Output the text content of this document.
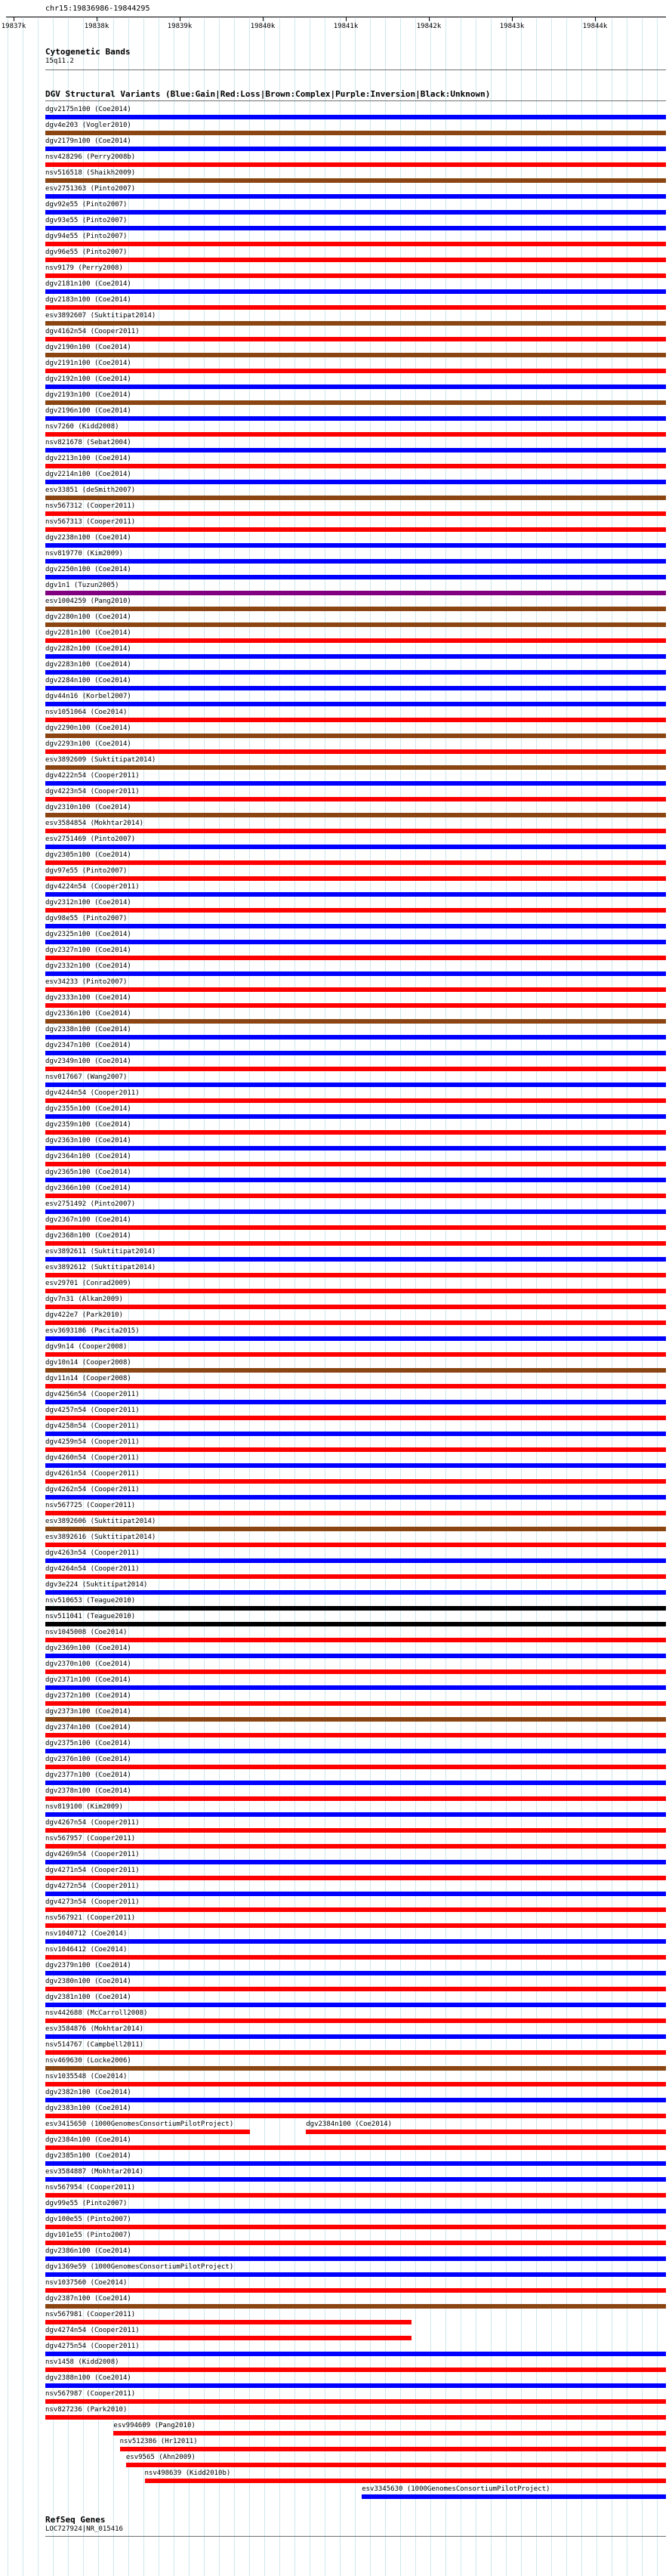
chr15:19836986-19844295
19837k	19838k	19839k	19840k	19841k	19842k	19843k	19844k
Cytogenetic Bands
15q11.2
DGV Structural Variants (Blue:Gain|Red:Loss|Brown:Complex|Purple:Inversion|Black:Unknown)
dgv2175n100 (Coe2014)
dgv4e203 (Vogler2010)
dgv2179n100 (Coe2014)
nsv428296 (Perry2008b)
nsv516518 (Shaikh2009)
esv2751363 (Pinto2007)
dgv92e55 (Pinto2007)
dgv93e55 (Pinto2007)
dgv94e55 (Pinto2007)
dgv96e55 (Pinto2007)
nsv9179 (Perry2008)
dgv2181n100 (Coe2014)
dgv2183n100 (Coe2014)
esv3892607 (Suktitipat2014)
dgv4162n54 (Cooper2011)
dgv2190n100 (Coe2014)
dgv2191n100 (Coe2014)
dgv2192n100 (Coe2014)
dgv2193n100 (Coe2014)
dgv2196n100 (Coe2014)
nsv7260 (Kidd2008)
nsv821678 (Sebat2004)
dgv2213n100 (Coe2014)
dgv2214n100 (Coe2014)
esv33851 (deSmith2007)
nsv567312 (Cooper2011)
nsv567313 (Cooper2011)
dgv2238n100 (Coe2014)
nsv819770 (Kim2009)
dgv2250n100 (Coe2014)
dgv1n1 (Tuzun2005)
esv1004259 (Pang2010)
dgv2280n100 (Coe2014)
dgv2281n100 (Coe2014)
dgv2282n100 (Coe2014)
dgv2283n100 (Coe2014)
dgv2284n100 (Coe2014)
dgv44n16 (Korbel2007)
nsv1051064 (Coe2014)
dgv2290n100 (Coe2014)
dgv2293n100 (Coe2014)
esv3892609 (Suktitipat2014)
dgv4222n54 (Cooper2011)
dgv4223n54 (Cooper2011)
dgv2310n100 (Coe2014)
esv3584854 (Mokhtar2014)
esv2751469 (Pinto2007)
dgv2305n100 (Coe2014)
dgv97e55 (Pinto2007)
dgv4224n54 (Cooper2011)
dgv2312n100 (Coe2014)
dgv98e55 (Pinto2007)
dgv2325n100 (Coe2014)
dgv2327n100 (Coe2014)
dgv2332n100 (Coe2014)
esv34233 (Pinto2007)
dgv2333n100 (Coe2014)
dgv2336n100 (Coe2014)
dgv2338n100 (Coe2014)
dgv2347n100 (Coe2014)
dgv2349n100 (Coe2014)
nsv017667 (Wang2007)
dgv4244n54 (Cooper2011)
dgv2355n100 (Coe2014)
dgv2359n100 (Coe2014)
dgv2363n100 (Coe2014)
dgv2364n100 (Coe2014)
dgv2365n100 (Coe2014)
dgv2366n100 (Coe2014)
esv2751492 (Pinto2007)
dgv2367n100 (Coe2014)
dgv2368n100 (Coe2014)
esv3892611 (Suktitipat2014)
esv3892612 (Suktitipat2014)
esv29701 (Conrad2009)
dgv7n31 (Alkan2009)
dgv422e7 (Park2010)
esv3693186 (Pacita2015)
dgv9n14 (Cooper2008)
dgv10n14 (Cooper2008)
dgv11n14 (Cooper2008)
dgv4256n54 (Cooper2011)
dgv4257n54 (Cooper2011)
dgv4258n54 (Cooper2011)
dgv4259n54 (Cooper2011)
dgv4260n54 (Cooper2011)
dgv4261n54 (Cooper2011)
dgv4262n54 (Cooper2011)
nsv567725 (Cooper2011)
esv3892606 (Suktitipat2014)
esv3892616 (Suktitipat2014)
dgv4263n54 (Cooper2011)
dgv4264n54 (Cooper2011)
dgv3e224 (Suktitipat2014)
nsv510653 (Teague2010)
nsv511041 (Teague2010)
nsv1045008 (Coe2014)
dgv2369n100 (Coe2014)
dgv2370n100 (Coe2014)
dgv2371n100 (Coe2014)
dgv2372n100 (Coe2014)
dgv2373n100 (Coe2014)
dgv2374n100 (Coe2014)
dgv2375n100 (Coe2014)
dgv2376n100 (Coe2014)
dgv2377n100 (Coe2014)
dgv2378n100 (Coe2014)
nsv819100 (Kim2009)
dgv4267n54 (Cooper2011)
nsv567957 (Cooper2011)
dgv4269n54 (Cooper2011)
dgv4271n54 (Cooper2011)
dgv4272n54 (Cooper2011)
dgv4273n54 (Cooper2011)
nsv567921 (Cooper2011)
nsv1040712 (Coe2014)
nsv1046412 (Coe2014)
dgv2379n100 (Coe2014)
dgv2380n100 (Coe2014)
dgv2381n100 (Coe2014)
nsv442688 (McCarroll2008)
esv3584876 (Mokhtar2014)
nsv514767 (Campbell2011)
nsv469630 (Locke2006)
nsv1035548 (Coe2014)
dgv2382n100 (Coe2014)
dgv2383n100 (Coe2014)
esv3415650 (1000GenomesConsortiumPilotProject)	dgv2384n100 (Coe2014)
dgv2384n100 (Coe2014)
dgv2385n100 (Coe2014)
esv3584887 (Mokhtar2014)
nsv567954 (Cooper2011)
dgv99e55 (Pinto2007)
dgv100e55 (Pinto2007)
dgv101e55 (Pinto2007)
dgv2386n100 (Coe2014)
dgv1369e59 (1000GenomesConsortiumPilotProject)
nsv1037560 (Coe2014)
dgv2387n100 (Coe2014)
nsv567981 (Cooper2011)
dgv4274n54 (Cooper2011)
dgv4275n54 (Cooper2011)
nsv1458 (Kidd2008)
dgv2388n100 (Coe2014)
nsv567987 (Cooper2011)
nsv827236 (Park2010)
esv994609 (Pang2010)
nsv512386 (Hr12011)
esv9565 (Ahn2009)
nsv498639 (Kidd2010b)
esv3345630 (1000GenomesConsortiumPilotProject)
RefSeq Genes
LOC727924|NR_015416
